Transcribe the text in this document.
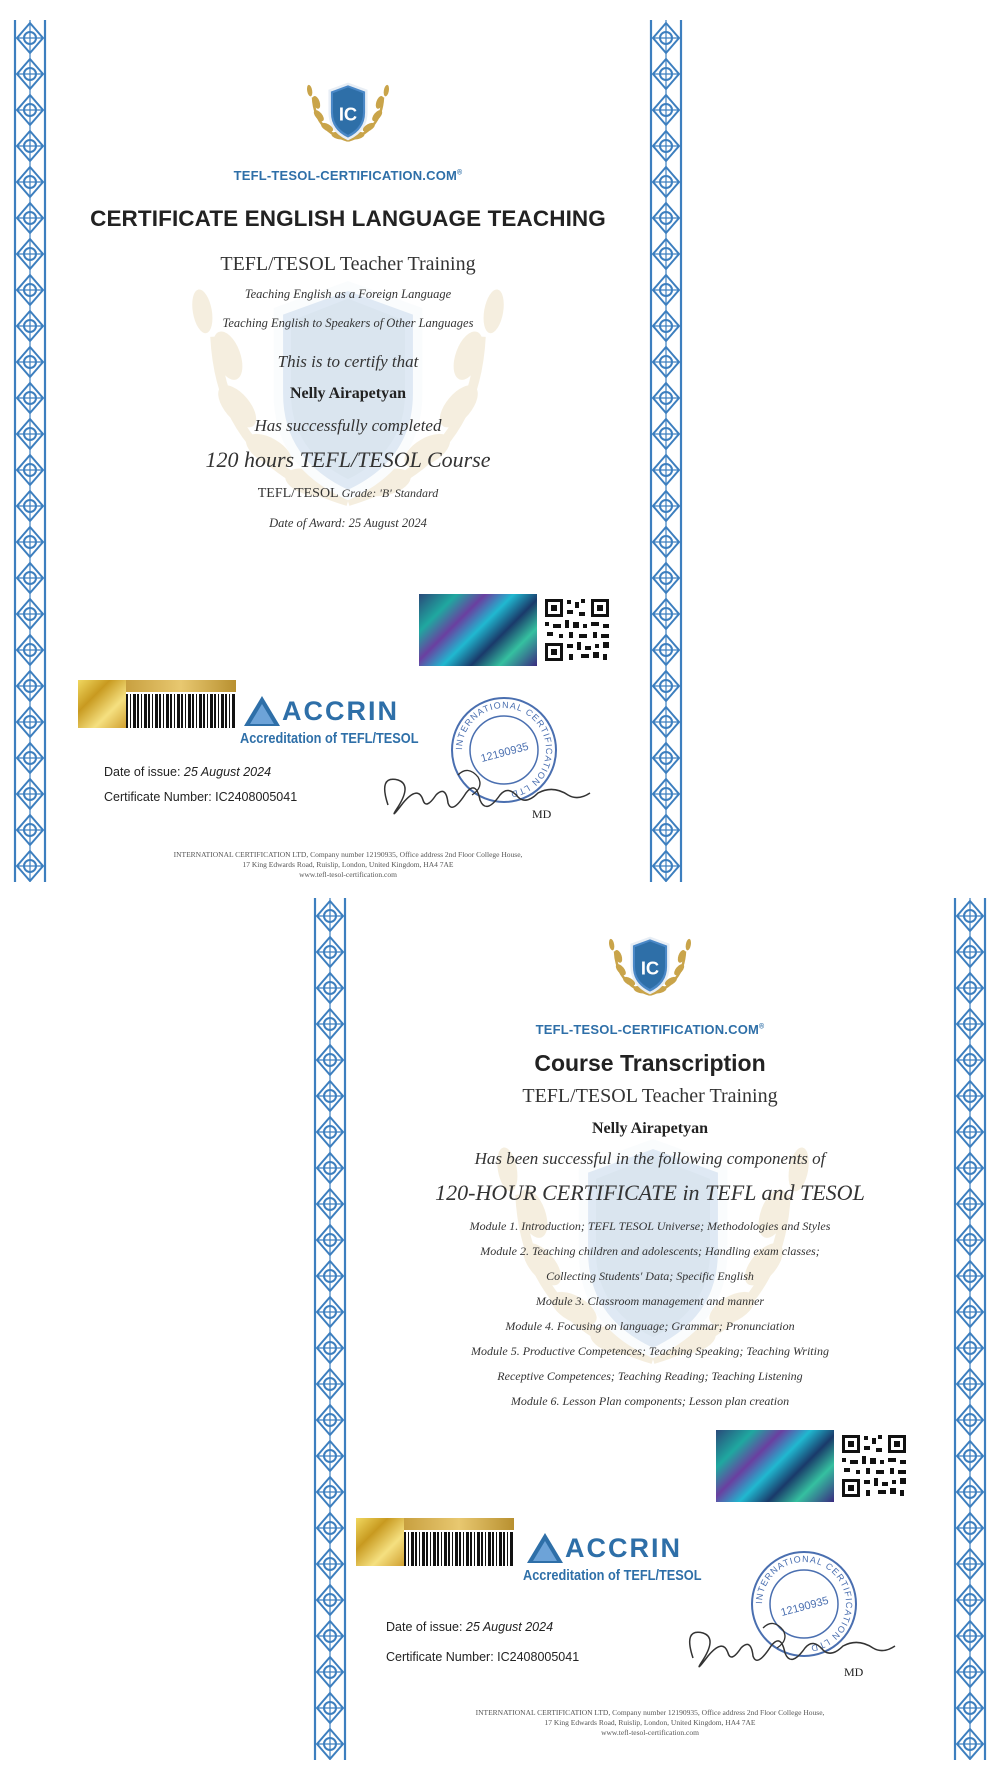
IC
TEFL-TESOL-CERTIFICATION.COM®
CERTIFICATE ENGLISH LANGUAGE TEACHING
TEFL/TESOL Teacher Training
Teaching English as a Foreign Language
Teaching English to Speakers of Other Languages
This is to certify that
Nelly Airapetyan
Has successfully completed
120 hours TEFL/TESOL Course
TEFL/TESOL Grade: 'B' Standard
Date of Award: 25 August 2024
ACCRIN
Accreditation of TEFL/TESOL
Date of issue: 25 August 2024
Certificate Number: IC2408005041
INTERNATIONAL CERTIFICATION LTD
12190935
MD
INTERNATIONAL CERTIFICATION LTD, Company number 12190935, Office address 2nd Floor College House,
17 King Edwards Road, Ruislip, London, United Kingdom, HA4 7AE
www.tefl-tesol-certification.com
IC
TEFL-TESOL-CERTIFICATION.COM®
Course Transcription
TEFL/TESOL Teacher Training
Nelly Airapetyan
Has been successful in the following components of
120-HOUR CERTIFICATE in TEFL and TESOL
Module 1. Introduction; TEFL TESOL Universe; Methodologies and Styles
Module 2. Teaching children and adolescents; Handling exam classes;
Collecting Students' Data; Specific English
Module 3. Classroom management and manner
Module 4. Focusing on language; Grammar; Pronunciation
Module 5. Productive Competences; Teaching Speaking; Teaching Writing
Receptive Competences; Teaching Reading; Teaching Listening
Module 6. Lesson Plan components; Lesson plan creation
ACCRIN
Accreditation of TEFL/TESOL
Date of issue: 25 August 2024
Certificate Number: IC2408005041
INTERNATIONAL CERTIFICATION LTD
12190935
MD
INTERNATIONAL CERTIFICATION LTD, Company number 12190935, Office address 2nd Floor College House,
17 King Edwards Road, Ruislip, London, United Kingdom, HA4 7AE
www.tefl-tesol-certification.com
